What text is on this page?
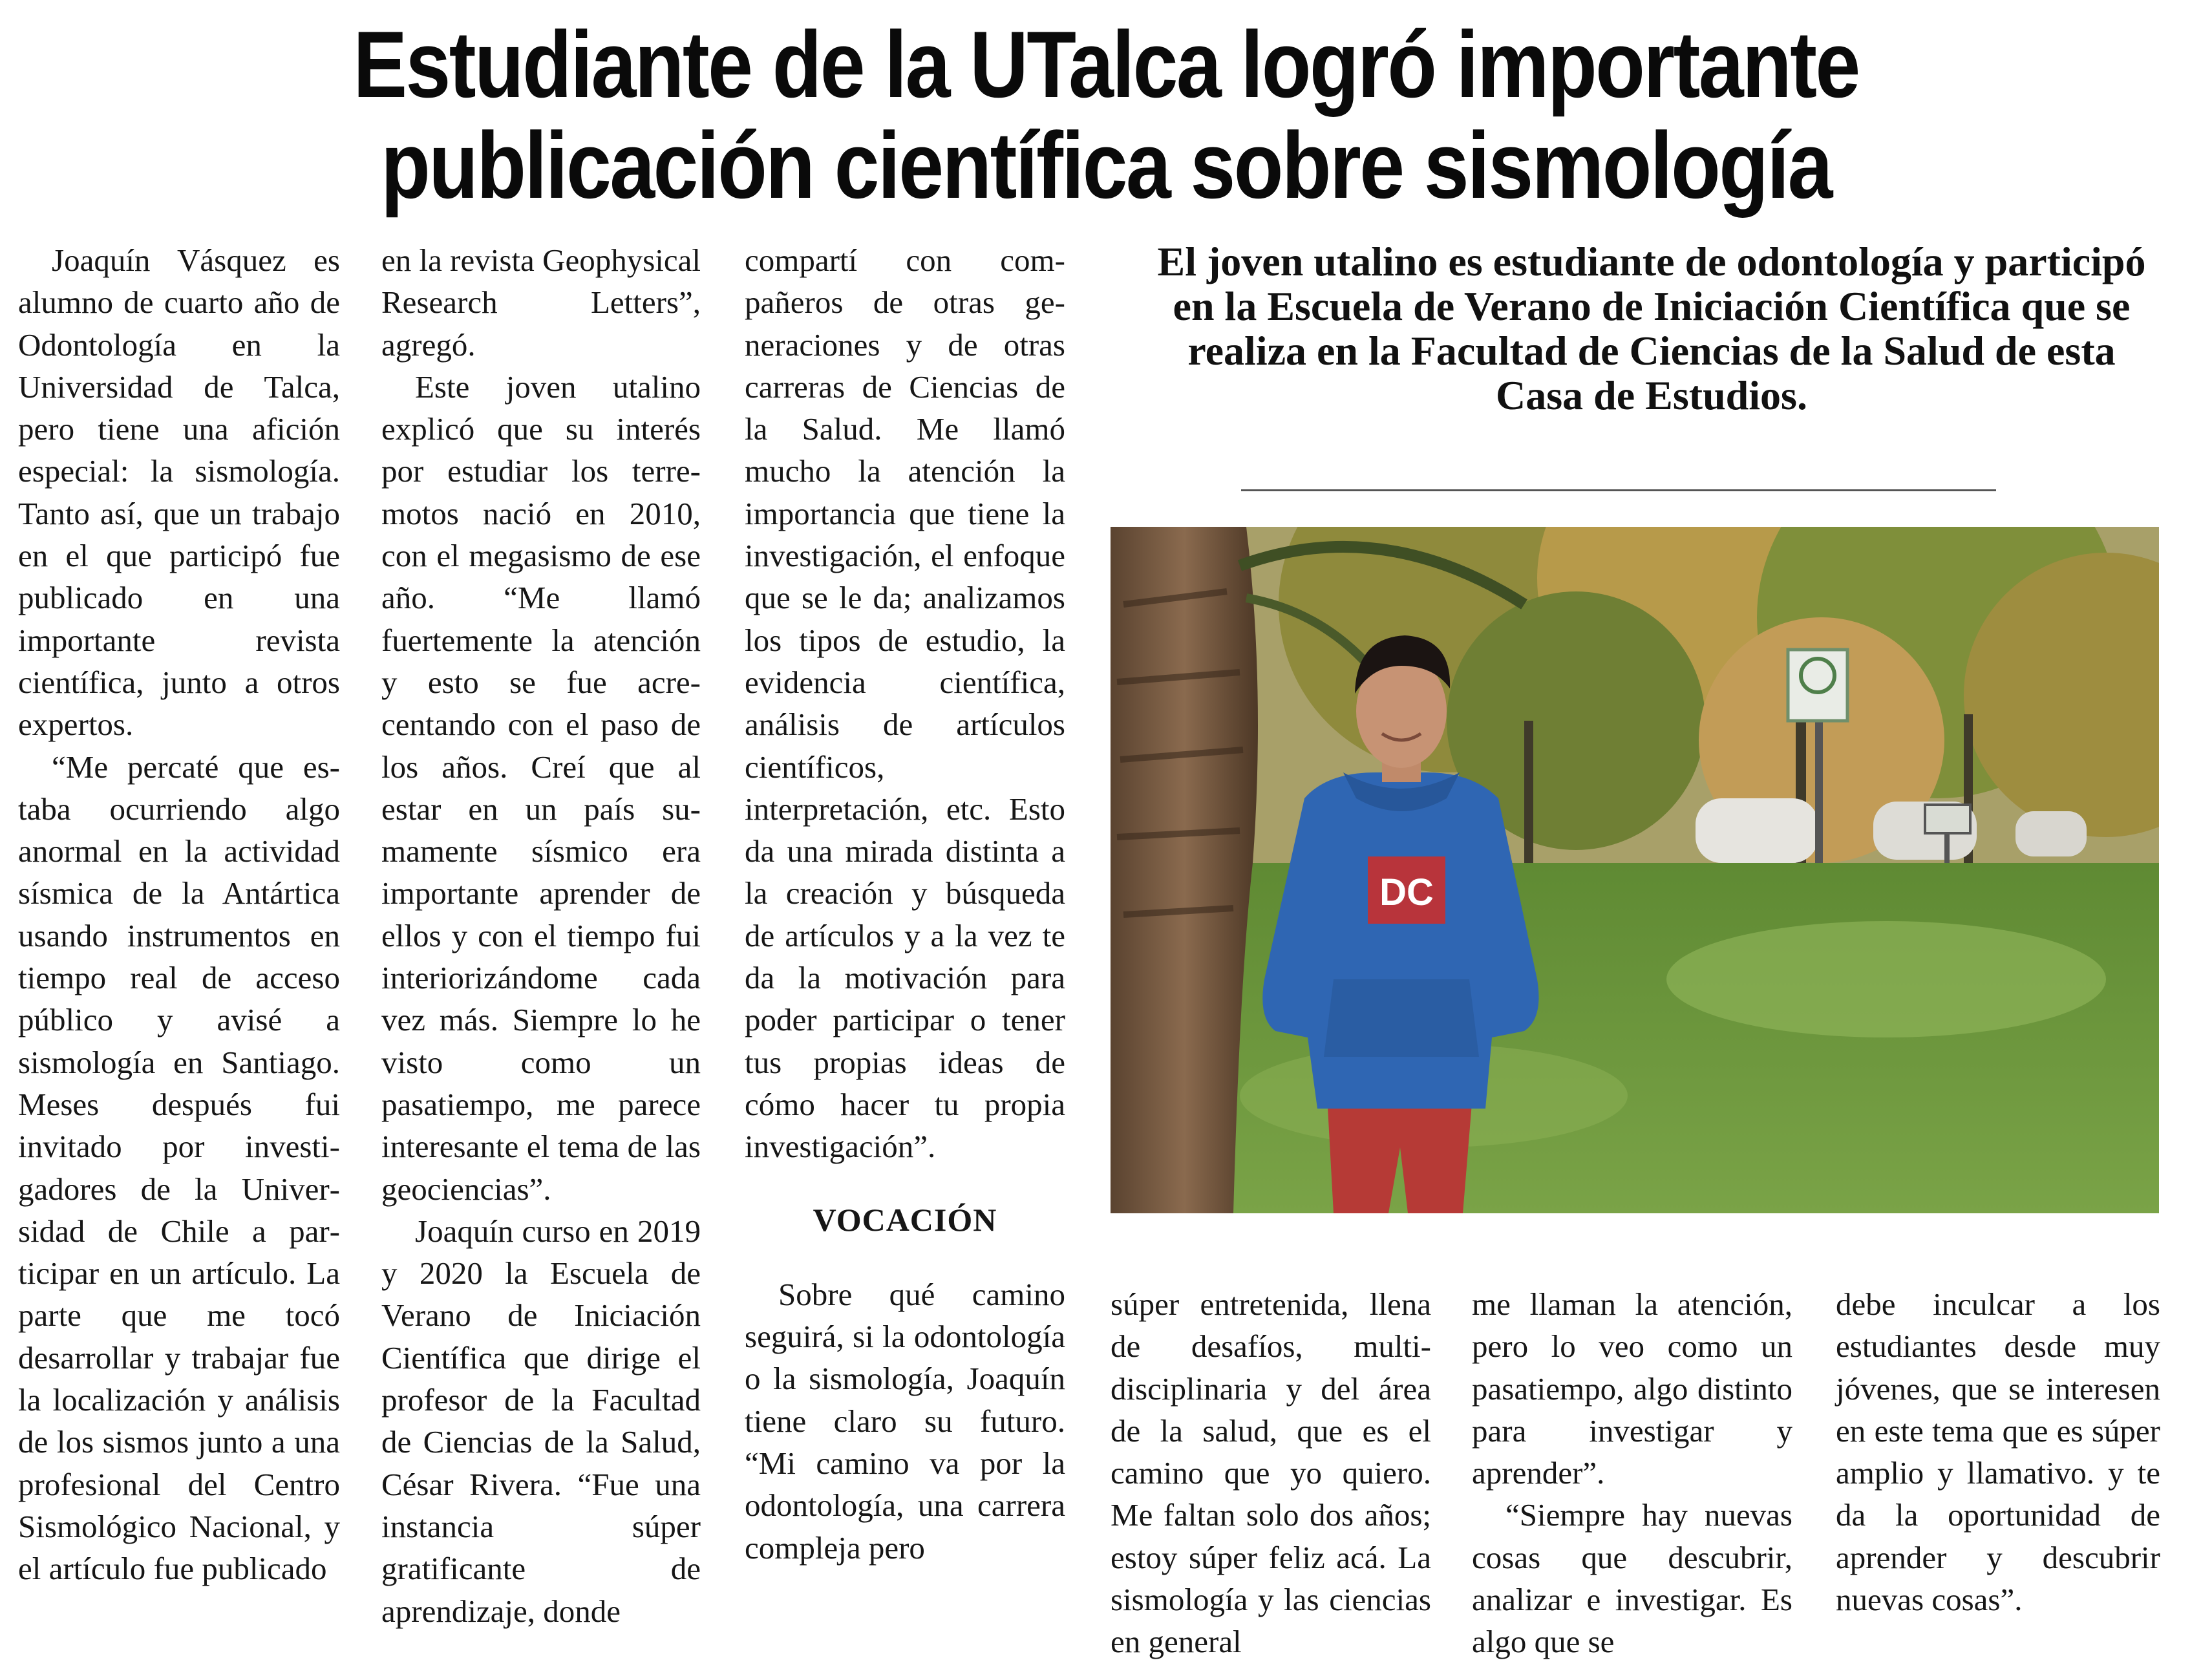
Estudiante de la UTalca logró importante
publicación científica sobre sismología

Joaquín Vásquez es alumno de cuarto año de Odontología en la Universidad de Talca, pero tiene una afición especial: la sismología. Tanto así, que un trabajo en el que participó fue publicado en una importante revista científica, junto a otros expertos.

“Me percaté que estaba ocurriendo algo anormal en la actividad sísmica de la Antártica usando instrumentos en tiempo real de acceso público y avisé a sismología en Santiago. Meses después fui invitado por investigadores de la Universidad de Chile a participar en un artículo. La parte que me tocó desarrollar y trabajar fue la localización y análisis de los sismos junto a una profesional del Centro Sismológico Nacional, y el artículo fue publicado

en la revista Geophysical Research Letters”, agregó.

Este joven utalino explicó que su interés por estudiar los terremotos nació en 2010, con el megasismo de ese año. “Me llamó fuertemente la atención y esto se fue acrecentando con el paso de los años. Creí que al estar en un país sumamente sísmico era importante aprender de ellos y con el tiempo fui interiorizándome cada vez más. Siempre lo he visto como un pasatiempo, me parece interesante el tema de las geociencias”.

Joaquín curso en 2019 y 2020 la Escuela de Verano de Iniciación Científica que dirige el profesor de la Facultad de Ciencias de la Salud, César Rivera. “Fue una instancia súper gratificante de aprendizaje, donde

compartí con compañeros de otras generaciones y de otras carreras de Ciencias de la Salud. Me llamó mucho la atención la importancia que tiene la investigación, el enfoque que se le da; analizamos los tipos de estudio, la evidencia científica, análisis de artículos científicos, interpretación, etc. Esto da una mirada distinta a la creación y búsqueda de artículos y a la vez te da la motivación para poder participar o tener tus propias ideas de cómo hacer tu propia investigación”.

VOCACIÓN

Sobre qué camino seguirá, si la odontología o la sismología, Joaquín tiene claro su futuro. “Mi camino va por la odontología, una carrera compleja pero

El joven utalino es estudiante de odontología y participó en la Escuela de Verano de Iniciación Científica que se realiza en la Facultad de Ciencias de la Salud de esta Casa de Estudios.

DC

súper entretenida, llena de desafíos, multidisciplinaria y del área de la salud, que es el camino que yo quiero. Me faltan solo dos años; estoy súper feliz acá. La sismología y las ciencias en general

me llaman la atención, pero lo veo como un pasatiempo, algo distinto para investigar y aprender”.

“Siempre hay nuevas cosas que descubrir, analizar e investigar. Es algo que se

debe inculcar a los estudiantes desde muy jóvenes, que se interesen en este tema que es súper amplio y llamativo. y te da la oportunidad de aprender y descubrir nuevas cosas”.
